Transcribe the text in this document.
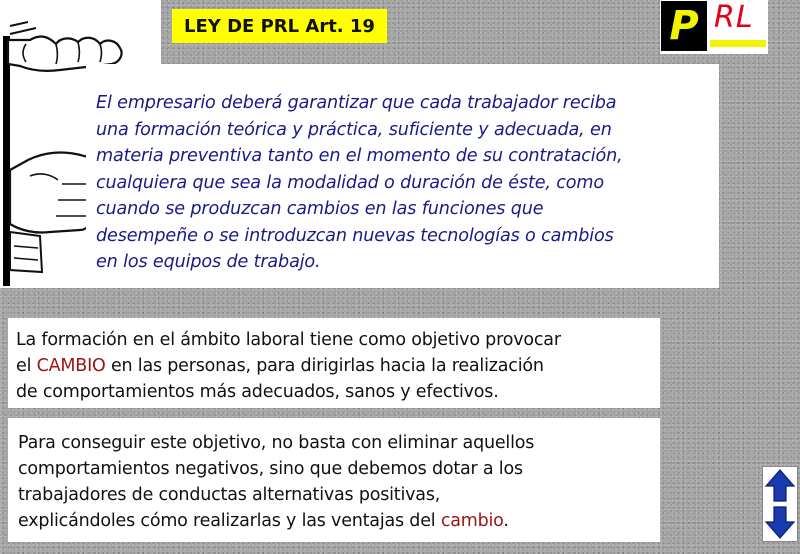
LEY DE PRL Art. 19	P RL

El empresario deberá garantizar que cada trabajador reciba
una formación teórica y práctica, suficiente y adecuada, en
materia preventiva tanto en el momento de su contratación,
cualquiera que sea la modalidad o duración de éste, como
cuando se produzcan cambios en las funciones que
desempeñe o se introduzcan nuevas tecnologías o cambios
en los equipos de trabajo.

La formación en el ámbito laboral tiene como objetivo provocar
el CAMBIO en las personas, para dirigirlas hacia la realización
de comportamientos más adecuados, sanos y efectivos.

Para conseguir este objetivo, no basta con eliminar aquellos
comportamientos negativos, sino que debemos dotar a los
trabajadores de conductas alternativas positivas,
explicándoles cómo realizarlas y las ventajas del cambio.
